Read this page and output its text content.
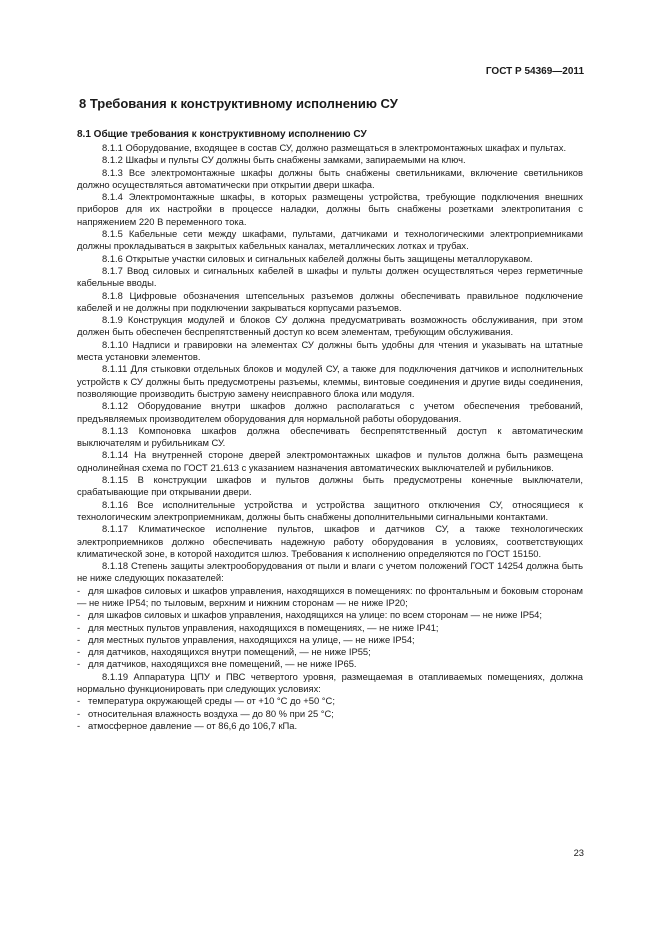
ГОСТ Р 54369—2011
8 Требования к конструктивному исполнению СУ
8.1 Общие требования к конструктивному исполнению СУ

8.1.1 Оборудование, входящее в состав СУ, должно размещаться в электромонтажных шкафах и пультах.

8.1.2 Шкафы и пульты СУ должны быть снабжены замками, запираемыми на ключ.

8.1.3 Все электромонтажные шкафы должны быть снабжены светильниками, включение светильников должно осуществляться автоматически при открытии двери шкафа.

8.1.4 Электромонтажные шкафы, в которых размещены устройства, требующие подключения внешних приборов для их настройки в процессе наладки, должны быть снабжены розетками электропитания с напряжением 220 В переменного тока.

8.1.5 Кабельные сети между шкафами, пультами, датчиками и технологическими электроприемниками должны прокладываться в закрытых кабельных каналах, металлических лотках и трубах.

8.1.6 Открытые участки силовых и сигнальных кабелей должны быть защищены металлорукавом.

8.1.7 Ввод силовых и сигнальных кабелей в шкафы и пульты должен осуществляться через герметичные кабельные вводы.

8.1.8 Цифровые обозначения штепсельных разъемов должны обеспечивать правильное подключение кабелей и не должны при подключении закрываться корпусами разъемов.

8.1.9 Конструкция модулей и блоков СУ должна предусматривать возможность обслуживания, при этом должен быть обеспечен беспрепятственный доступ ко всем элементам, требующим обслуживания.

8.1.10 Надписи и гравировки на элементах СУ должны быть удобны для чтения и указывать на штатные места установки элементов.

8.1.11 Для стыковки отдельных блоков и модулей СУ, а также для подключения датчиков и исполнительных устройств к СУ должны быть предусмотрены разъемы, клеммы, винтовые соединения и другие виды соединения, позволяющие производить быструю замену неисправного блока или модуля.

8.1.12 Оборудование внутри шкафов должно располагаться с учетом обеспечения требований, предъявляемых производителем оборудования для нормальной работы оборудования.

8.1.13 Компоновка шкафов должна обеспечивать беспрепятственный доступ к автоматическим выключателям и рубильникам СУ.

8.1.14 На внутренней стороне дверей электромонтажных шкафов и пультов должна быть размещена однолинейная схема по ГОСТ 21.613 с указанием назначения автоматических выключателей и рубильников.

8.1.15 В конструкции шкафов и пультов должны быть предусмотрены конечные выключатели, срабатывающие при открывании двери.

8.1.16 Все исполнительные устройства и устройства защитного отключения СУ, относящиеся к технологическим электроприемникам, должны быть снабжены дополнительными сигнальными контактами.

8.1.17 Климатическое исполнение пультов, шкафов и датчиков СУ, а также технологических электроприемников должно обеспечивать надежную работу оборудования в условиях, соответствующих климатической зоне, в которой находится шлюз. Требования к исполнению определяются по ГОСТ 15150.

8.1.18 Степень защиты электрооборудования от пыли и влаги с учетом положений ГОСТ 14254 должна быть не ниже следующих показателей:

- для шкафов силовых и шкафов управления, находящихся в помещениях: по фронтальным и боковым сторонам — не ниже IP54; по тыловым, верхним и нижним сторонам — не ниже IP20;

- для шкафов силовых и шкафов управления, находящихся на улице: по всем сторонам — не ниже IP54;

- для местных пультов управления, находящихся в помещениях, — не ниже IP41;

- для местных пультов управления, находящихся на улице, — не ниже IP54;

- для датчиков, находящихся внутри помещений, — не ниже IP55;

- для датчиков, находящихся вне помещений, — не ниже IP65.

8.1.19 Аппаратура ЦПУ и ПВС четвертого уровня, размещаемая в отапливаемых помещениях, должна нормально функционировать при следующих условиях:

- температура окружающей среды — от +10 °С до +50 °С;

- относительная влажность воздуха — до 80 % при 25 °С;

- атмосферное давление — от 86,6 до 106,7 кПа.

23
